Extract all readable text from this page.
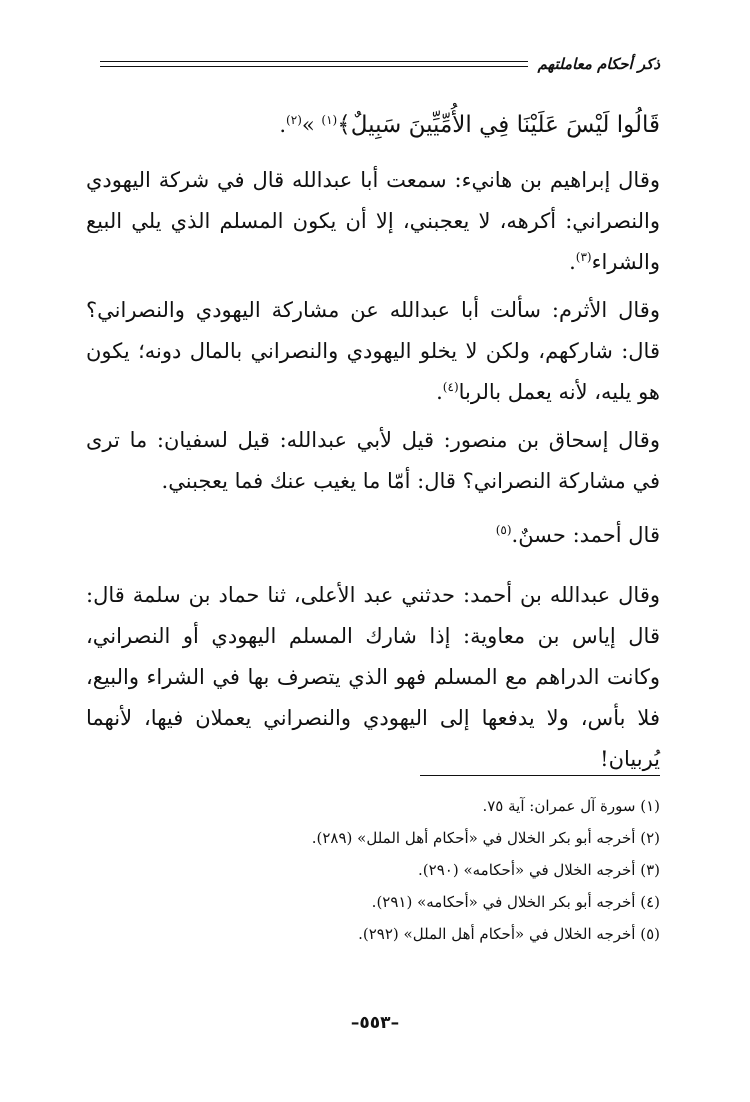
ذكر أحكام معاملتهم
قَالُوا لَيْسَ عَلَيْنَا فِي الأُمِّيِّينَ سَبِيلٌ﴾$^{(١)}$ »$^{(٢)}$.
وقال إبراهيم بن هانيء: سمعت أبا عبدالله قال في شركة اليهودي والنصراني: أكرهه، لا يعجبني، إلا أن يكون المسلم الذي يلي البيع والشراء$^{(٣)}$.
وقال الأثرم: سألت أبا عبدالله عن مشاركة اليهودي والنصراني؟ قال: شاركهم، ولكن لا يخلو اليهودي والنصراني بالمال دونه؛ يكون هو يليه، لأنه يعمل بالربا$^{(٤)}$.
وقال إسحاق بن منصور: قيل لأبي عبدالله: قيل لسفيان: ما ترى في مشاركة النصراني؟ قال: أمّا ما يغيب عنك فما يعجبني.
قال أحمد: حسنٌ.$^{(٥)}$
وقال عبدالله بن أحمد: حدثني عبد الأعلى، ثنا حماد بن سلمة قال: قال إياس بن معاوية: إذا شارك المسلم اليهودي أو النصراني، وكانت الدراهم مع المسلم فهو الذي يتصرف بها في الشراء والبيع، فلا بأس، ولا يدفعها إلى اليهودي والنصراني يعملان فيها، لأنهما يُربيان!
(١) سورة آل عمران: آية ٧٥.
(٢) أخرجه أبو بكر الخلال في «أحكام أهل الملل» (٢٨٩).
(٣) أخرجه الخلال في «أحكامه» (٢٩٠).
(٤) أخرجه أبو بكر الخلال في «أحكامه» (٢٩١).
(٥) أخرجه الخلال في «أحكام أهل الملل» (٢٩٢).
–٥٥٣–
